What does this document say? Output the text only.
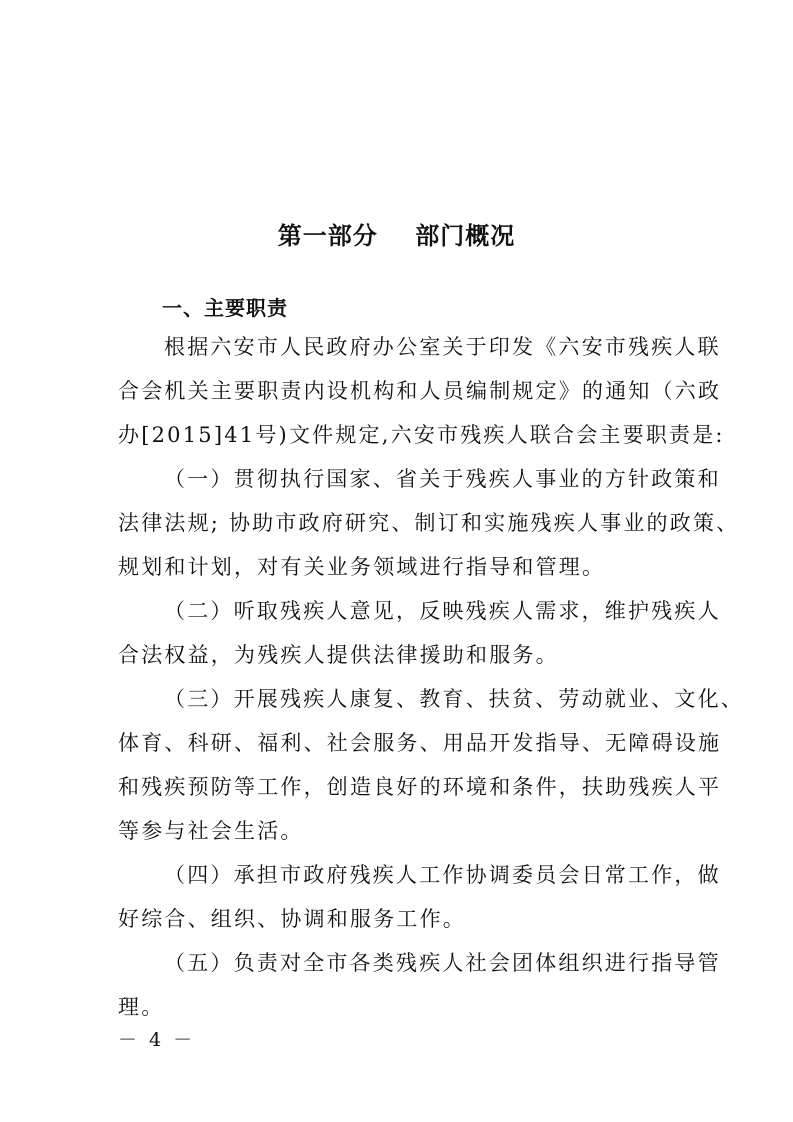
第一部分    部门概况
一、主要职责
根据六安市人民政府办公室关于印发《六安市残疾人联
合会机关主要职责内设机构和人员编制规定》的通知（六政
办[2015]41号)文件规定,六安市残疾人联合会主要职责是:
（一）贯彻执行国家、省关于残疾人事业的方针政策和
法律法规; 协助市政府研究、制订和实施残疾人事业的政策、
规划和计划，对有关业务领域进行指导和管理。
（二）听取残疾人意见，反映残疾人需求，维护残疾人
合法权益，为残疾人提供法律援助和服务。
（三）开展残疾人康复、教育、扶贫、劳动就业、文化、
体育、科研、福利、社会服务、用品开发指导、无障碍设施
和残疾预防等工作，创造良好的环境和条件，扶助残疾人平
等参与社会生活。
（四）承担市政府残疾人工作协调委员会日常工作，做
好综合、组织、协调和服务工作。
（五）负责对全市各类残疾人社会团体组织进行指导管
理。
－ 4 －
